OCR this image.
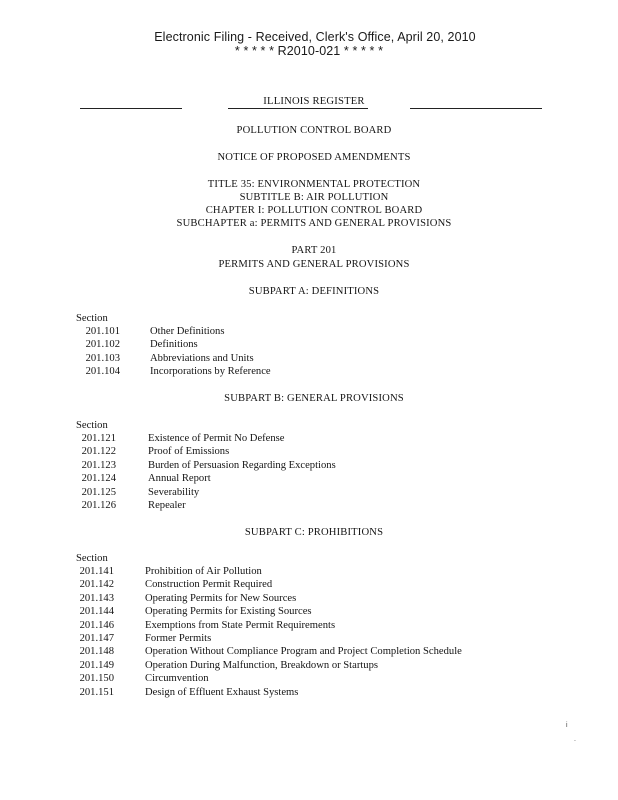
Electronic Filing - Received, Clerk's Office, April 20, 2010
* * * * * R2010-021 * * * * *
ILLINOIS REGISTER
POLLUTION CONTROL BOARD
NOTICE OF PROPOSED AMENDMENTS
TITLE 35: ENVIRONMENTAL PROTECTION
SUBTITLE B: AIR POLLUTION
CHAPTER I: POLLUTION CONTROL BOARD
SUBCHAPTER a: PERMITS AND GENERAL PROVISIONS
PART 201
PERMITS AND GENERAL PROVISIONS
SUBPART A: DEFINITIONS
Section
201.101	Other Definitions
201.102	Definitions
201.103	Abbreviations and Units
201.104	Incorporations by Reference
SUBPART B: GENERAL PROVISIONS
Section
201.121	Existence of Permit No Defense
201.122	Proof of Emissions
201.123	Burden of Persuasion Regarding Exceptions
201.124	Annual Report
201.125	Severability
201.126	Repealer
SUBPART C: PROHIBITIONS
Section
201.141	Prohibition of Air Pollution
201.142	Construction Permit Required
201.143	Operating Permits for New Sources
201.144	Operating Permits for Existing Sources
201.146	Exemptions from State Permit Requirements
201.147	Former Permits
201.148	Operation Without Compliance Program and Project Completion Schedule
201.149	Operation During Malfunction, Breakdown or Startups
201.150	Circumvention
201.151	Design of Effluent Exhaust Systems
i
.
